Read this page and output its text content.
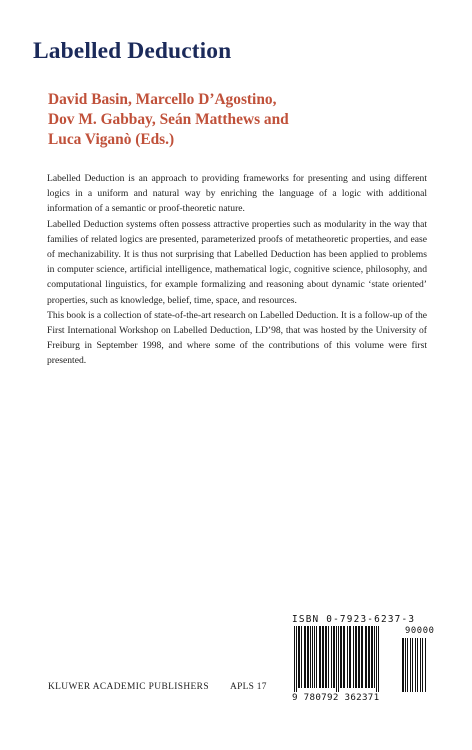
Labelled Deduction
David Basin, Marcello D’Agostino,
Dov M. Gabbay, Seán Matthews and
Luca Viganò (Eds.)

Labelled Deduction is an approach to providing frameworks for presenting and using different logics in a uniform and natural way by enriching the language of a logic with additional information of a semantic or proof-theoretic nature.

Labelled Deduction systems often possess attractive properties such as modularity in the way that families of related logics are presented, parameterized proofs of metatheoretic properties, and ease of mechanizability. It is thus not surprising that Labelled Deduction has been applied to problems in computer science, artificial intelligence, mathematical logic, cognitive science, philosophy, and computational linguistics, for example formalizing and reasoning about dynamic ‘state oriented’ properties, such as knowledge, belief, time, space, and resources.

This book is a collection of state-of-the-art research on Labelled Deduction. It is a follow-up of the First International Workshop on Labelled Deduction, LD’98, that was hosted by the University of Freiburg in September 1998, and where some of the contributions of this volume were first presented.

ISBN 0-7923-6237-3
90000
9 780792 362371
KLUWER ACADEMIC PUBLISHERS APLS 17
